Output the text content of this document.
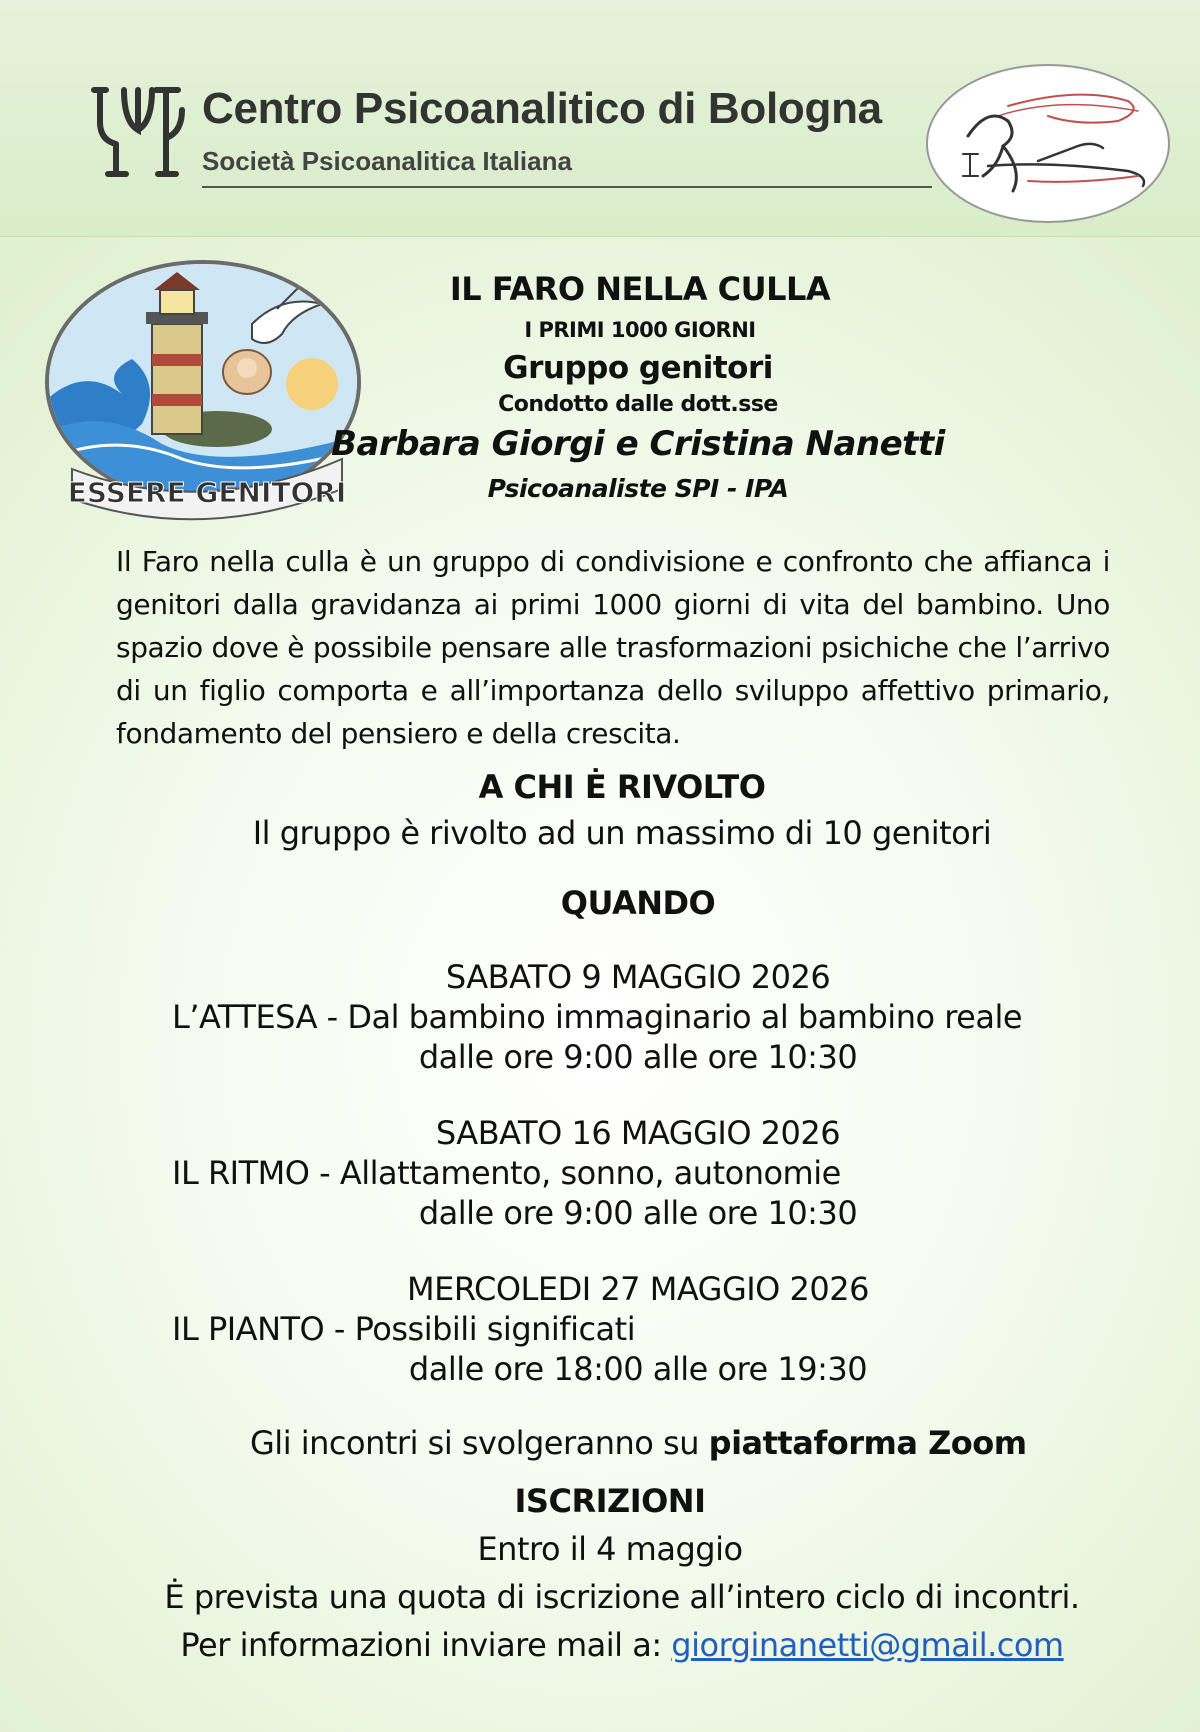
Centro Psicoanalitico di Bologna
Società Psicoanalitica Italiana
ESSERE GENITORI
IL FARO NELLA CULLA
I PRIMI 1000 GIORNI
Gruppo genitori
Condotto dalle dott.sse
Barbara Giorgi e Cristina Nanetti
Psicoanaliste SPI - IPA
Il Faro nella culla è un gruppo di condivisione e confronto che affianca i genitori dalla gravidanza ai primi 1000 giorni di vita del bambino. Uno spazio dove è possibile pensare alle trasformazioni psichiche che l’arrivo di un figlio comporta e all’importanza dello sviluppo affettivo primario, fondamento del pensiero e della crescita.
A CHI Ė RIVOLTO
Il gruppo è rivolto ad un massimo di 10 genitori
QUANDO
SABATO 9 MAGGIO 2026
L’ATTESA - Dal bambino immaginario al bambino reale
dalle ore 9:00 alle ore 10:30
SABATO 16 MAGGIO 2026
IL RITMO - Allattamento, sonno, autonomie
dalle ore 9:00 alle ore 10:30
MERCOLEDI 27 MAGGIO 2026
IL PIANTO - Possibili significati
dalle ore 18:00 alle ore 19:30
Gli incontri si svolgeranno su piattaforma Zoom
ISCRIZIONI
Entro il 4 maggio
Ė prevista una quota di iscrizione all’intero ciclo di incontri.
Per informazioni inviare mail a: giorginanetti@gmail.com
